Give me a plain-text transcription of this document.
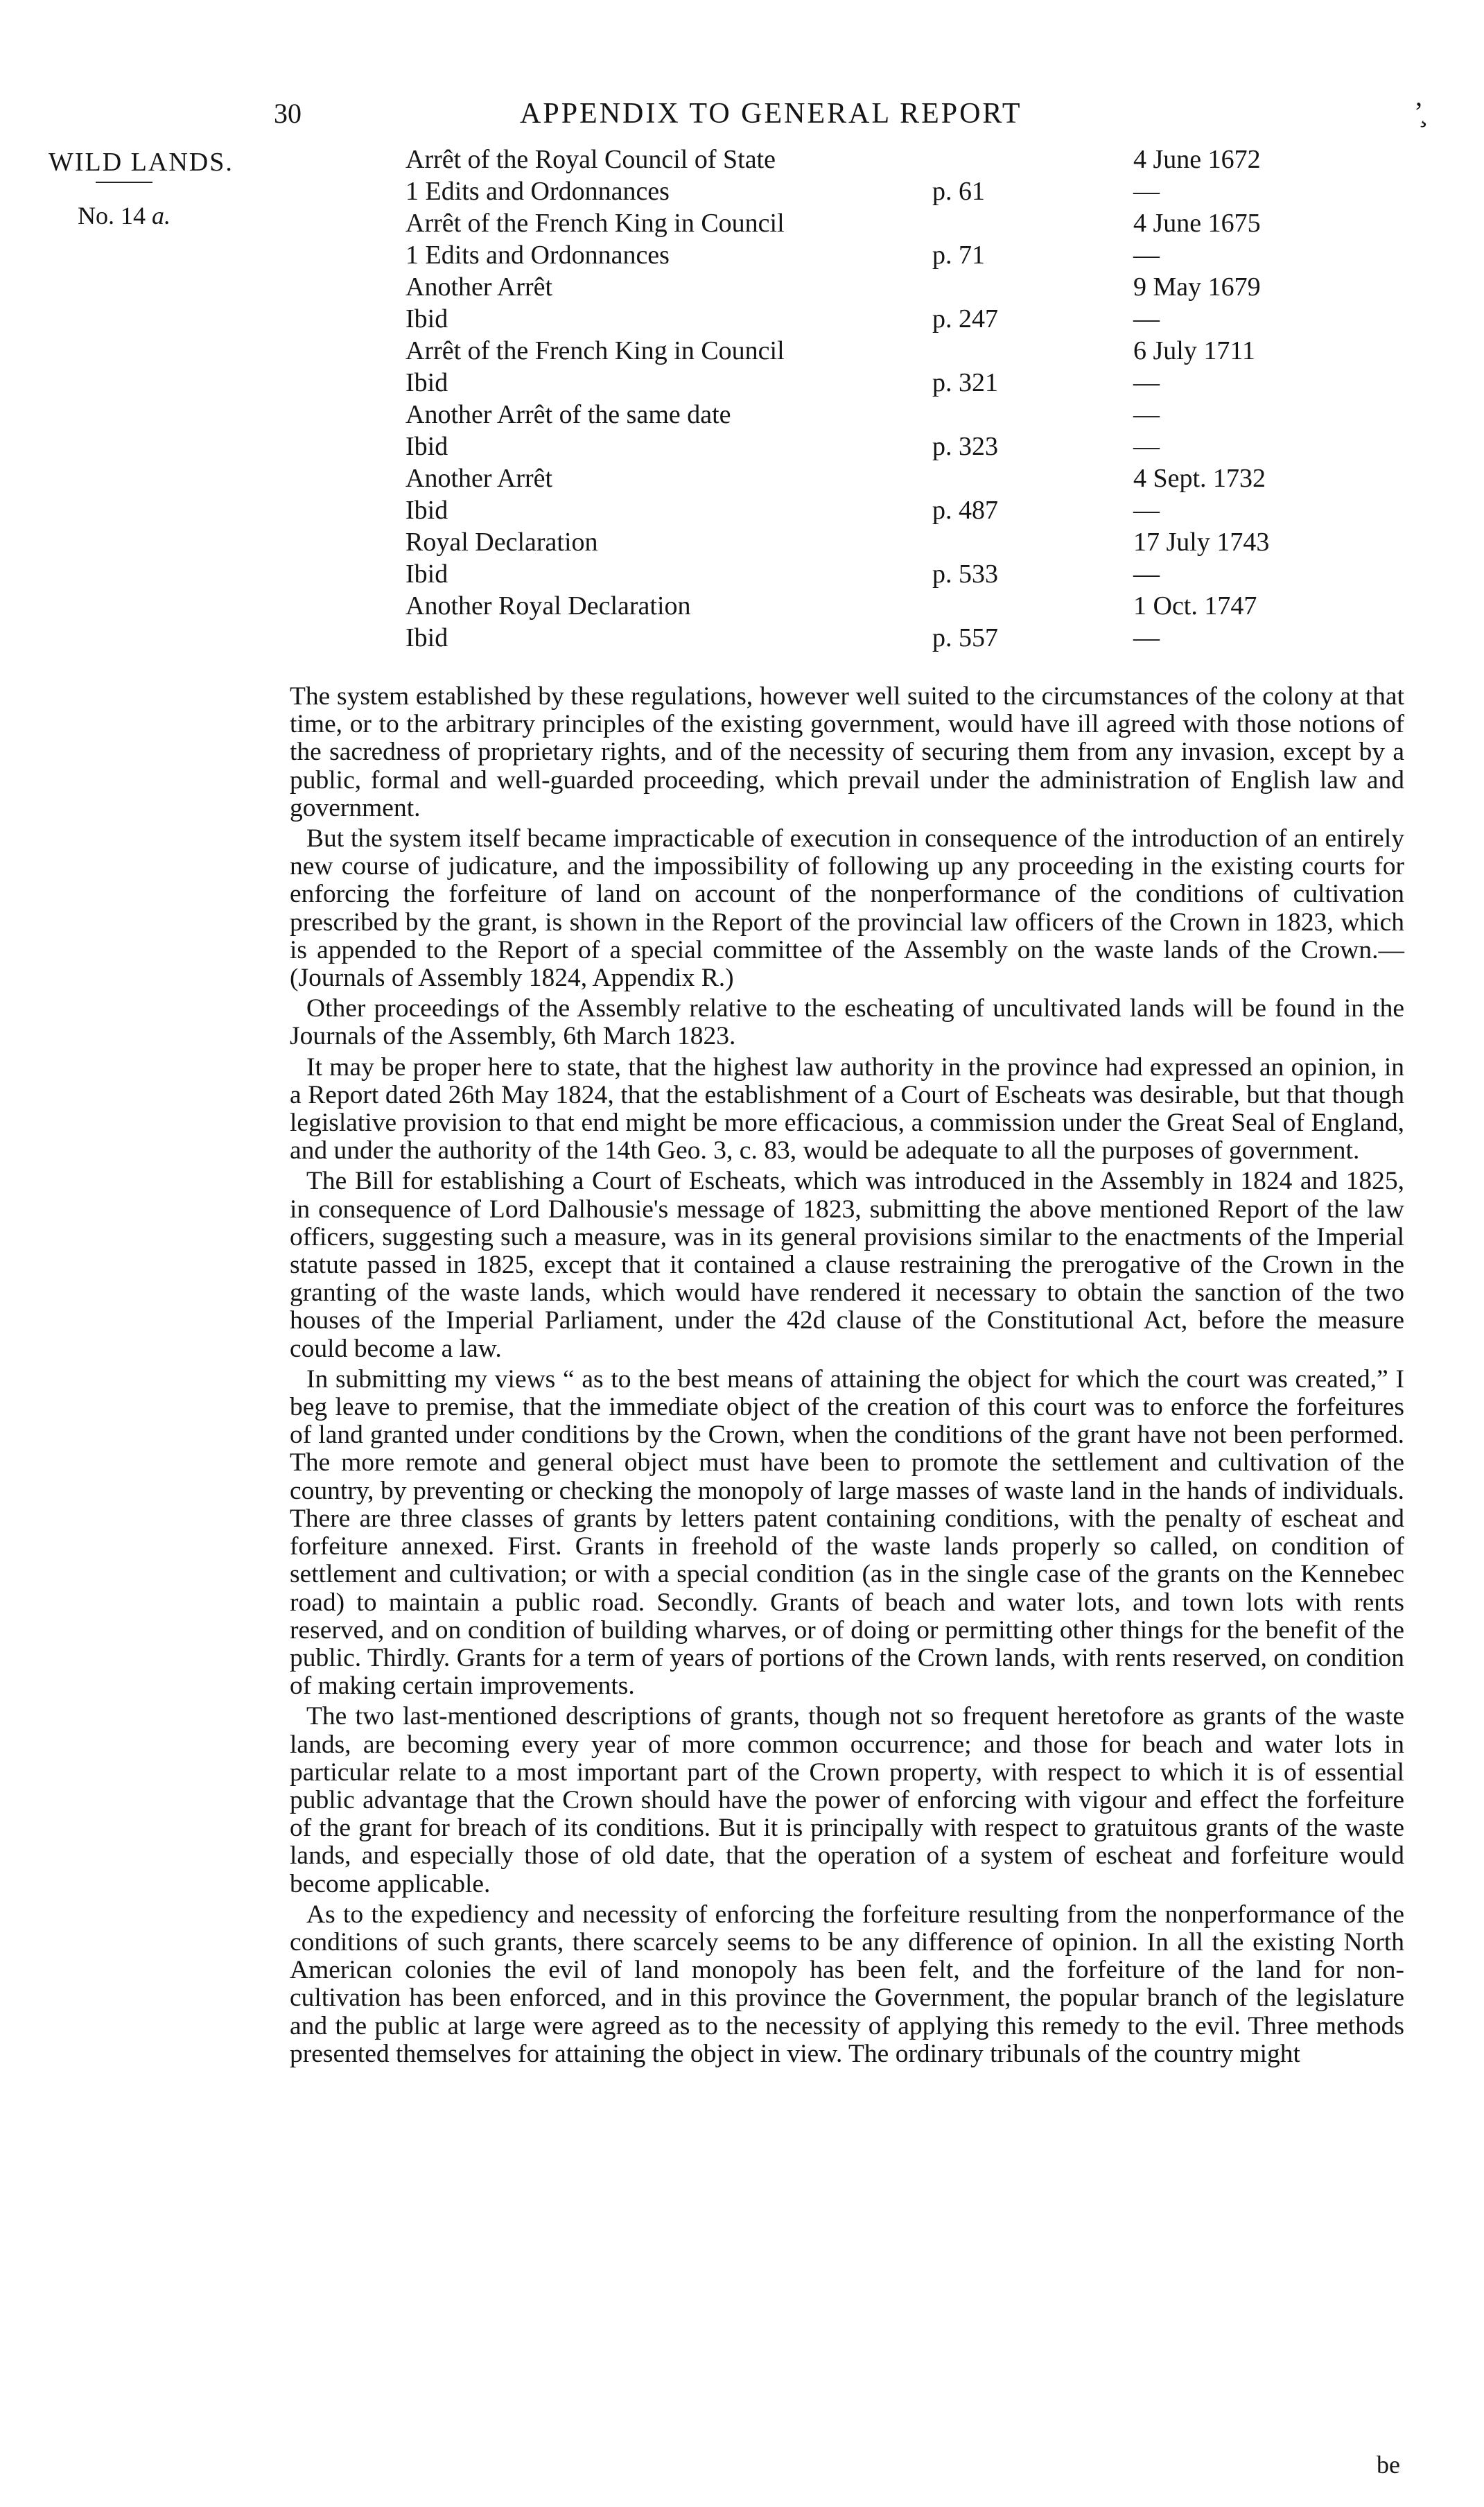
30	APPENDIX TO GENERAL REPORT	ʼ̧
WILD LANDS.
No. 14 a.
Arrêt of the Royal Council of State	4 June 1672
1 Edits and Ordonnances	p. 61	—
Arrêt of the French King in Council	4 June 1675
1 Edits and Ordonnances	p. 71	—
Another Arrêt	9 May 1679
Ibid	p. 247	—
Arrêt of the French King in Council	6 July 1711
Ibid	p. 321	—
Another Arrêt of the same date	—
Ibid	p. 323	—
Another Arrêt	4 Sept. 1732
Ibid	p. 487	—
Royal Declaration	17 July 1743
Ibid	p. 533	—
Another Royal Declaration	1 Oct. 1747
Ibid	p. 557	—

The system established by these regulations, however well suited to the circumstances of the colony at that time, or to the arbitrary principles of the existing government, would have ill agreed with those notions of the sacredness of proprietary rights, and of the necessity of securing them from any invasion, except by a public, formal and well-guarded proceeding, which prevail under the administration of English law and government.

But the system itself became impracticable of execution in consequence of the introduction of an entirely new course of judicature, and the impossibility of following up any proceeding in the existing courts for enforcing the forfeiture of land on account of the nonperformance of the conditions of cultivation prescribed by the grant, is shown in the Report of the provincial law officers of the Crown in 1823, which is appended to the Report of a special committee of the Assembly on the waste lands of the Crown.—(Journals of Assembly 1824, Appendix R.)

Other proceedings of the Assembly relative to the escheating of uncultivated lands will be found in the Journals of the Assembly, 6th March 1823.

It may be proper here to state, that the highest law authority in the province had expressed an opinion, in a Report dated 26th May 1824, that the establishment of a Court of Escheats was desirable, but that though legislative provision to that end might be more efficacious, a commission under the Great Seal of England, and under the authority of the 14th Geo. 3, c. 83, would be adequate to all the purposes of government.

The Bill for establishing a Court of Escheats, which was introduced in the Assembly in 1824 and 1825, in consequence of Lord Dalhousie's message of 1823, submitting the above mentioned Report of the law officers, suggesting such a measure, was in its general provisions similar to the enactments of the Imperial statute passed in 1825, except that it contained a clause restraining the prerogative of the Crown in the granting of the waste lands, which would have rendered it necessary to obtain the sanction of the two houses of the Imperial Parliament, under the 42d clause of the Constitutional Act, before the measure could become a law.

In submitting my views “ as to the best means of attaining the object for which the court was created,” I beg leave to premise, that the immediate object of the creation of this court was to enforce the forfeitures of land granted under conditions by the Crown, when the conditions of the grant have not been performed. The more remote and general object must have been to promote the settlement and cultivation of the country, by preventing or checking the monopoly of large masses of waste land in the hands of individuals. There are three classes of grants by letters patent containing conditions, with the penalty of escheat and forfeiture annexed. First. Grants in freehold of the waste lands properly so called, on condition of settlement and cultivation; or with a special condition (as in the single case of the grants on the Kennebec road) to maintain a public road. Secondly. Grants of beach and water lots, and town lots with rents reserved, and on condition of building wharves, or of doing or permitting other things for the benefit of the public. Thirdly. Grants for a term of years of portions of the Crown lands, with rents reserved, on condition of making certain improvements.

The two last-mentioned descriptions of grants, though not so frequent heretofore as grants of the waste lands, are becoming every year of more common occurrence; and those for beach and water lots in particular relate to a most important part of the Crown property, with respect to which it is of essential public advantage that the Crown should have the power of enforcing with vigour and effect the forfeiture of the grant for breach of its conditions. But it is principally with respect to gratuitous grants of the waste lands, and especially those of old date, that the operation of a system of escheat and forfeiture would become applicable.

As to the expediency and necessity of enforcing the forfeiture resulting from the nonperformance of the conditions of such grants, there scarcely seems to be any difference of opinion. In all the existing North American colonies the evil of land monopoly has been felt, and the forfeiture of the land for non-cultivation has been enforced, and in this province the Government, the popular branch of the legislature and the public at large were agreed as to the necessity of applying this remedy to the evil. Three methods presented themselves for attaining the object in view. The ordinary tribunals of the country might

be
